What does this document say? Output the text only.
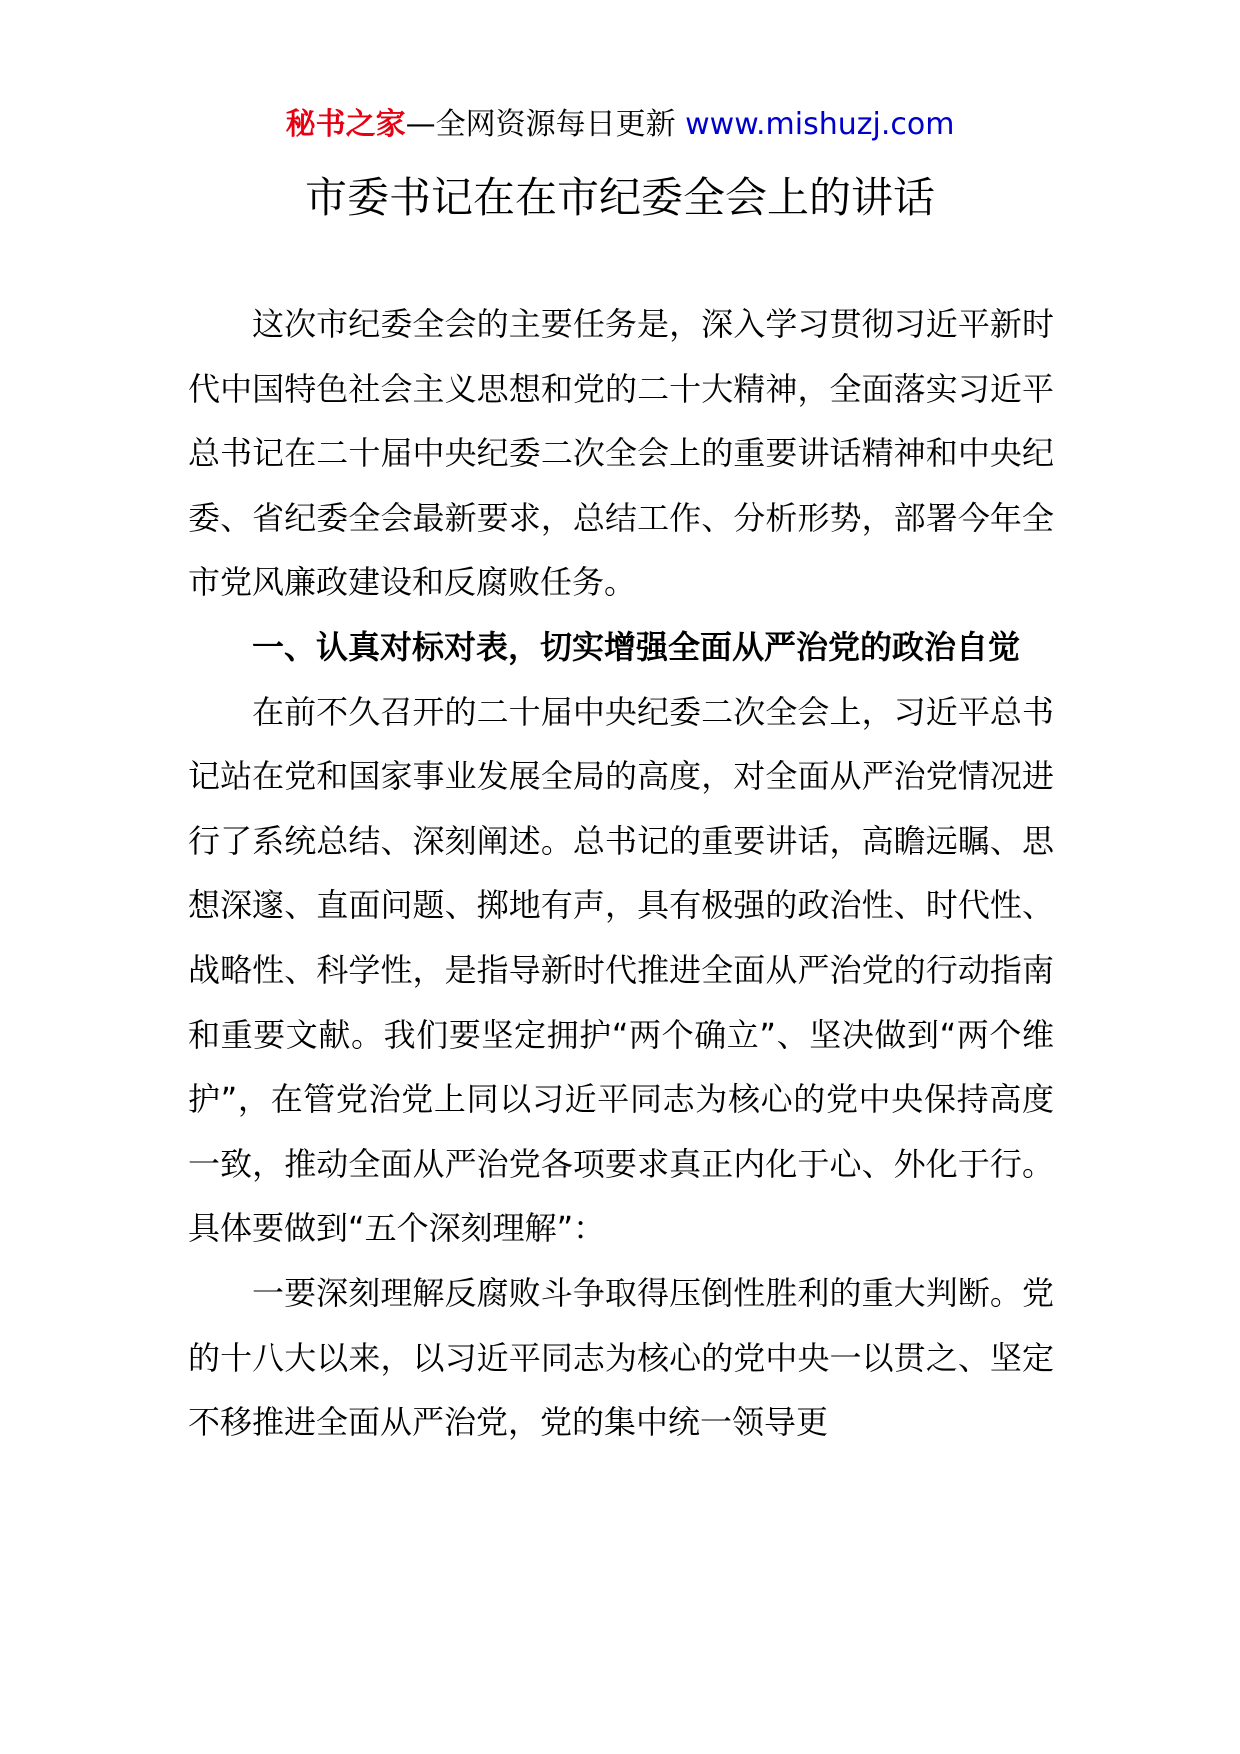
秘书之家—全网资源每日更新 www.mishuzj.com
市委书记在在市纪委全会上的讲话

这次市纪委全会的主要任务是，深入学习贯彻习近平新时代中国特色社会主义思想和党的二十大精神，全面落实习近平总书记在二十届中央纪委二次全会上的重要讲话精神和中央纪委、省纪委全会最新要求，总结工作、分析形势，部署今年全市党风廉政建设和反腐败任务。

一、认真对标对表，切实增强全面从严治党的政治自觉

在前不久召开的二十届中央纪委二次全会上，习近平总书记站在党和国家事业发展全局的高度，对全面从严治党情况进行了系统总结、深刻阐述。总书记的重要讲话，高瞻远瞩、思想深邃、直面问题、掷地有声，具有极强的政治性、时代性、战略性、科学性，是指导新时代推进全面从严治党的行动指南和重要文献。我们要坚定拥护“两个确立”、坚决做到“两个维护”，在管党治党上同以习近平同志为核心的党中央保持高度一致，推动全面从严治党各项要求真正内化于心、外化于行。具体要做到“五个深刻理解”：

一要深刻理解反腐败斗争取得压倒性胜利的重大判断。党的十八大以来，以习近平同志为核心的党中央一以贯之、坚定不移推进全面从严治党，党的集中统一领导更
